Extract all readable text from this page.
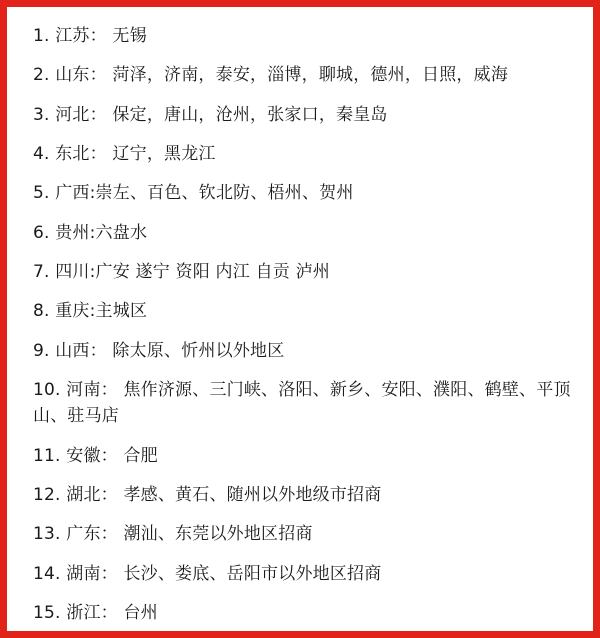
1. 江苏： 无锡

2. 山东： 菏泽，济南，泰安，淄博，聊城，德州，日照，威海

3. 河北： 保定，唐山，沧州，张家口，秦皇岛

4. 东北： 辽宁，黑龙江

5. 广西:崇左、百色、钦北防、梧州、贺州

6. 贵州:六盘水

7. 四川:广安 遂宁 资阳 内江 自贡 泸州

8. 重庆:主城区

9. 山西： 除太原、忻州以外地区

10. 河南： 焦作济源、三门峡、洛阳、新乡、安阳、濮阳、鹤壁、平顶山、驻马店

11. 安徽： 合肥

12. 湖北： 孝感、黄石、随州以外地级市招商

13. 广东： 潮汕、东莞以外地区招商

14. 湖南： 长沙、娄底、岳阳市以外地区招商

15. 浙江： 台州
